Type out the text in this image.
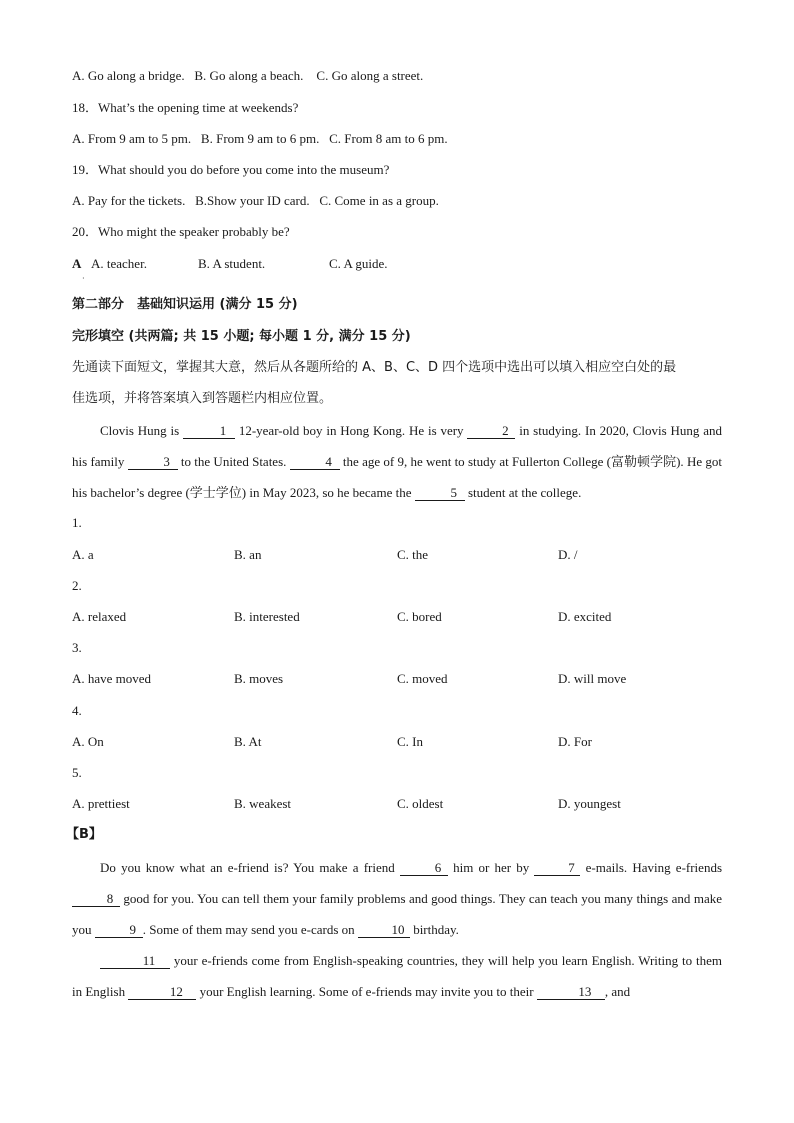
A. Go along a bridge. B. Go along a beach. C. Go along a street.
18．What’s the opening time at weekends?
A. From 9 am to 5 pm. B. From 9 am to 6 pm. C. From 8 am to 6 pm.
19．What should you do before you come into the museum?
A. Pay for the tickets. B.Show your ID card. C. Come in as a group.
20．Who might the speaker probably be?
A A. teacher.	B. A student.	C. A guide.
·
第二部分　基础知识运用 (满分 15 分)
完形填空 (共两篇; 共 15 小题; 每小题 1 分, 满分 15 分)
先通读下面短文，掌握其大意，然后从各题所给的 A、B、C、D 四个选项中选出可以填入相应空白处的最
佳选项，并将答案填入到答题栏内相应位置。
Clovis Hung is	1 12-year-old boy in Hong Kong. He is very	2 in studying. In 2020, Clovis Hung and his family	3 to the United States.	4 the age of 9, he went to study at Fullerton College (富勒顿学院). He got his bachelor’s degree (学士学位) in May 2023, so he became the	5 student at the college.
1.
A. a	B. an	C. the	D. /
2.
A. relaxed	B. interested	C. bored	D. excited
3.
A. have moved	B. moves	C. moved	D. will move
4.
A. On	B. At	C. In	D. For
5.
A. prettiest	B. weakest	C. oldest	D. youngest
【B】
Do you know what an e-friend is? You make a friend	6 him or her by	7 e-mails. Having e-friends 8 good for you. You can tell them your family problems and good things. They can teach you many things and make you	9 . Some of them may send you e-cards on	10 birthday.
11 your e-friends come from English-speaking countries, they will help you learn English. Writing to them in English	12 your English learning. Some of e-friends may invite you to their	13 , and
